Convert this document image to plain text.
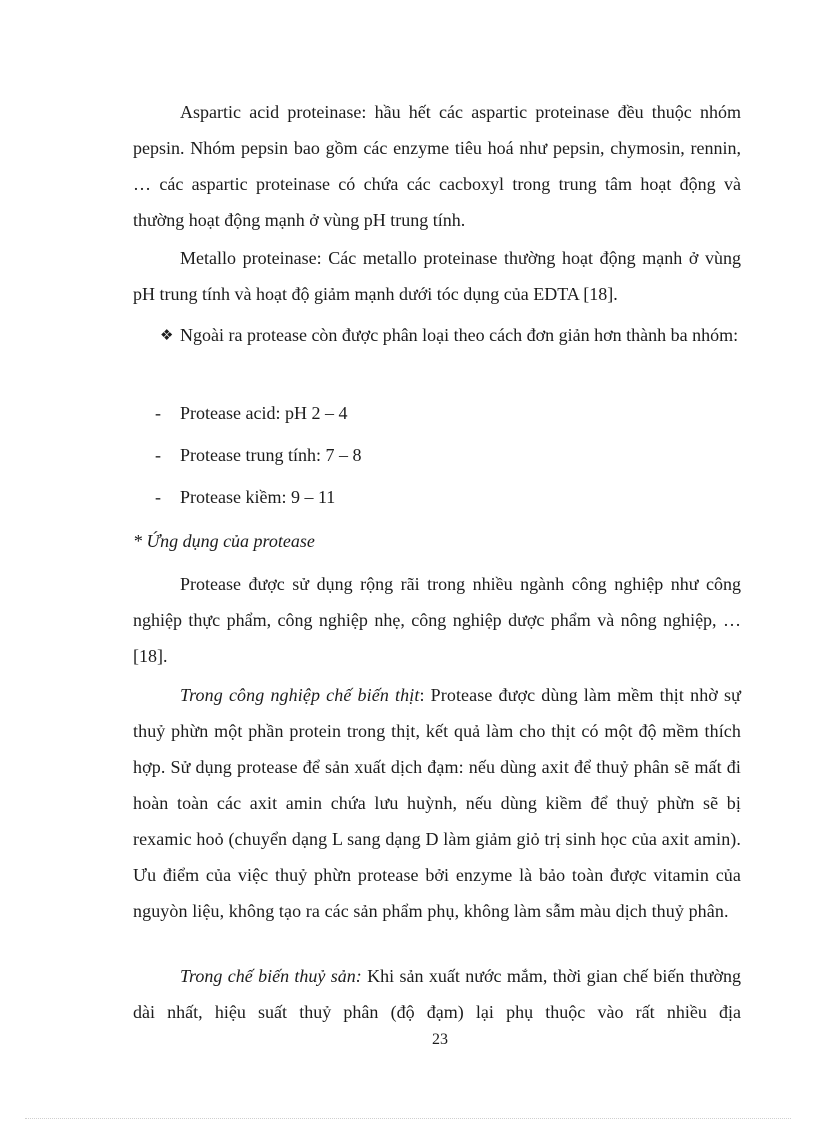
Aspartic acid proteinase: hầu hết các aspartic proteinase đều thuộc nhóm pepsin. Nhóm pepsin bao gồm các enzyme tiêu hoá như pepsin, chymosin, rennin, … các aspartic proteinase có chứa các cacboxyl trong trung tâm hoạt động và thường hoạt động mạnh ở vùng pH trung tính.

Metallo proteinase: Các metallo proteinase thường hoạt động mạnh ở vùng pH trung tính và hoạt độ giảm mạnh dưới tóc dụng của EDTA [18].

❖ Ngoài ra protease còn được phân loại theo cách đơn giản hơn thành ba nhóm:
- Protease acid: pH 2 – 4
- Protease trung tính: 7 – 8
- Protease kiềm: 9 – 11
* Ứng dụng của protease

Protease được sử dụng rộng rãi trong nhiều ngành công nghiệp như công nghiệp thực phẩm, công nghiệp nhẹ, công nghiệp dược phẩm và nông nghiệp, … [18].

Trong công nghiệp chế biến thịt: Protease được dùng làm mềm thịt nhờ sự thuỷ phừn một phần protein trong thịt, kết quả làm cho thịt có một độ mềm thích hợp. Sử dụng protease để sản xuất dịch đạm: nếu dùng axit để thuỷ phân sẽ mất đi hoàn toàn các axit amin chứa lưu huỳnh, nếu dùng kiềm để thuỷ phừn sẽ bị rexamic hoỏ (chuyển dạng L sang dạng D làm giảm giỏ trị sinh học của axit amin). Ưu điểm của việc thuỷ phừn protease bởi enzyme là bảo toàn được vitamin của nguyòn liệu, không tạo ra các sản phẩm phụ, không làm sẫm màu dịch thuỷ phân.

Trong chế biến thuỷ sản: Khi sản xuất nước mắm, thời gian chế biến thường dài nhất, hiệu suất thuỷ phân (độ đạm) lại phụ thuộc vào rất nhiều địa

23
